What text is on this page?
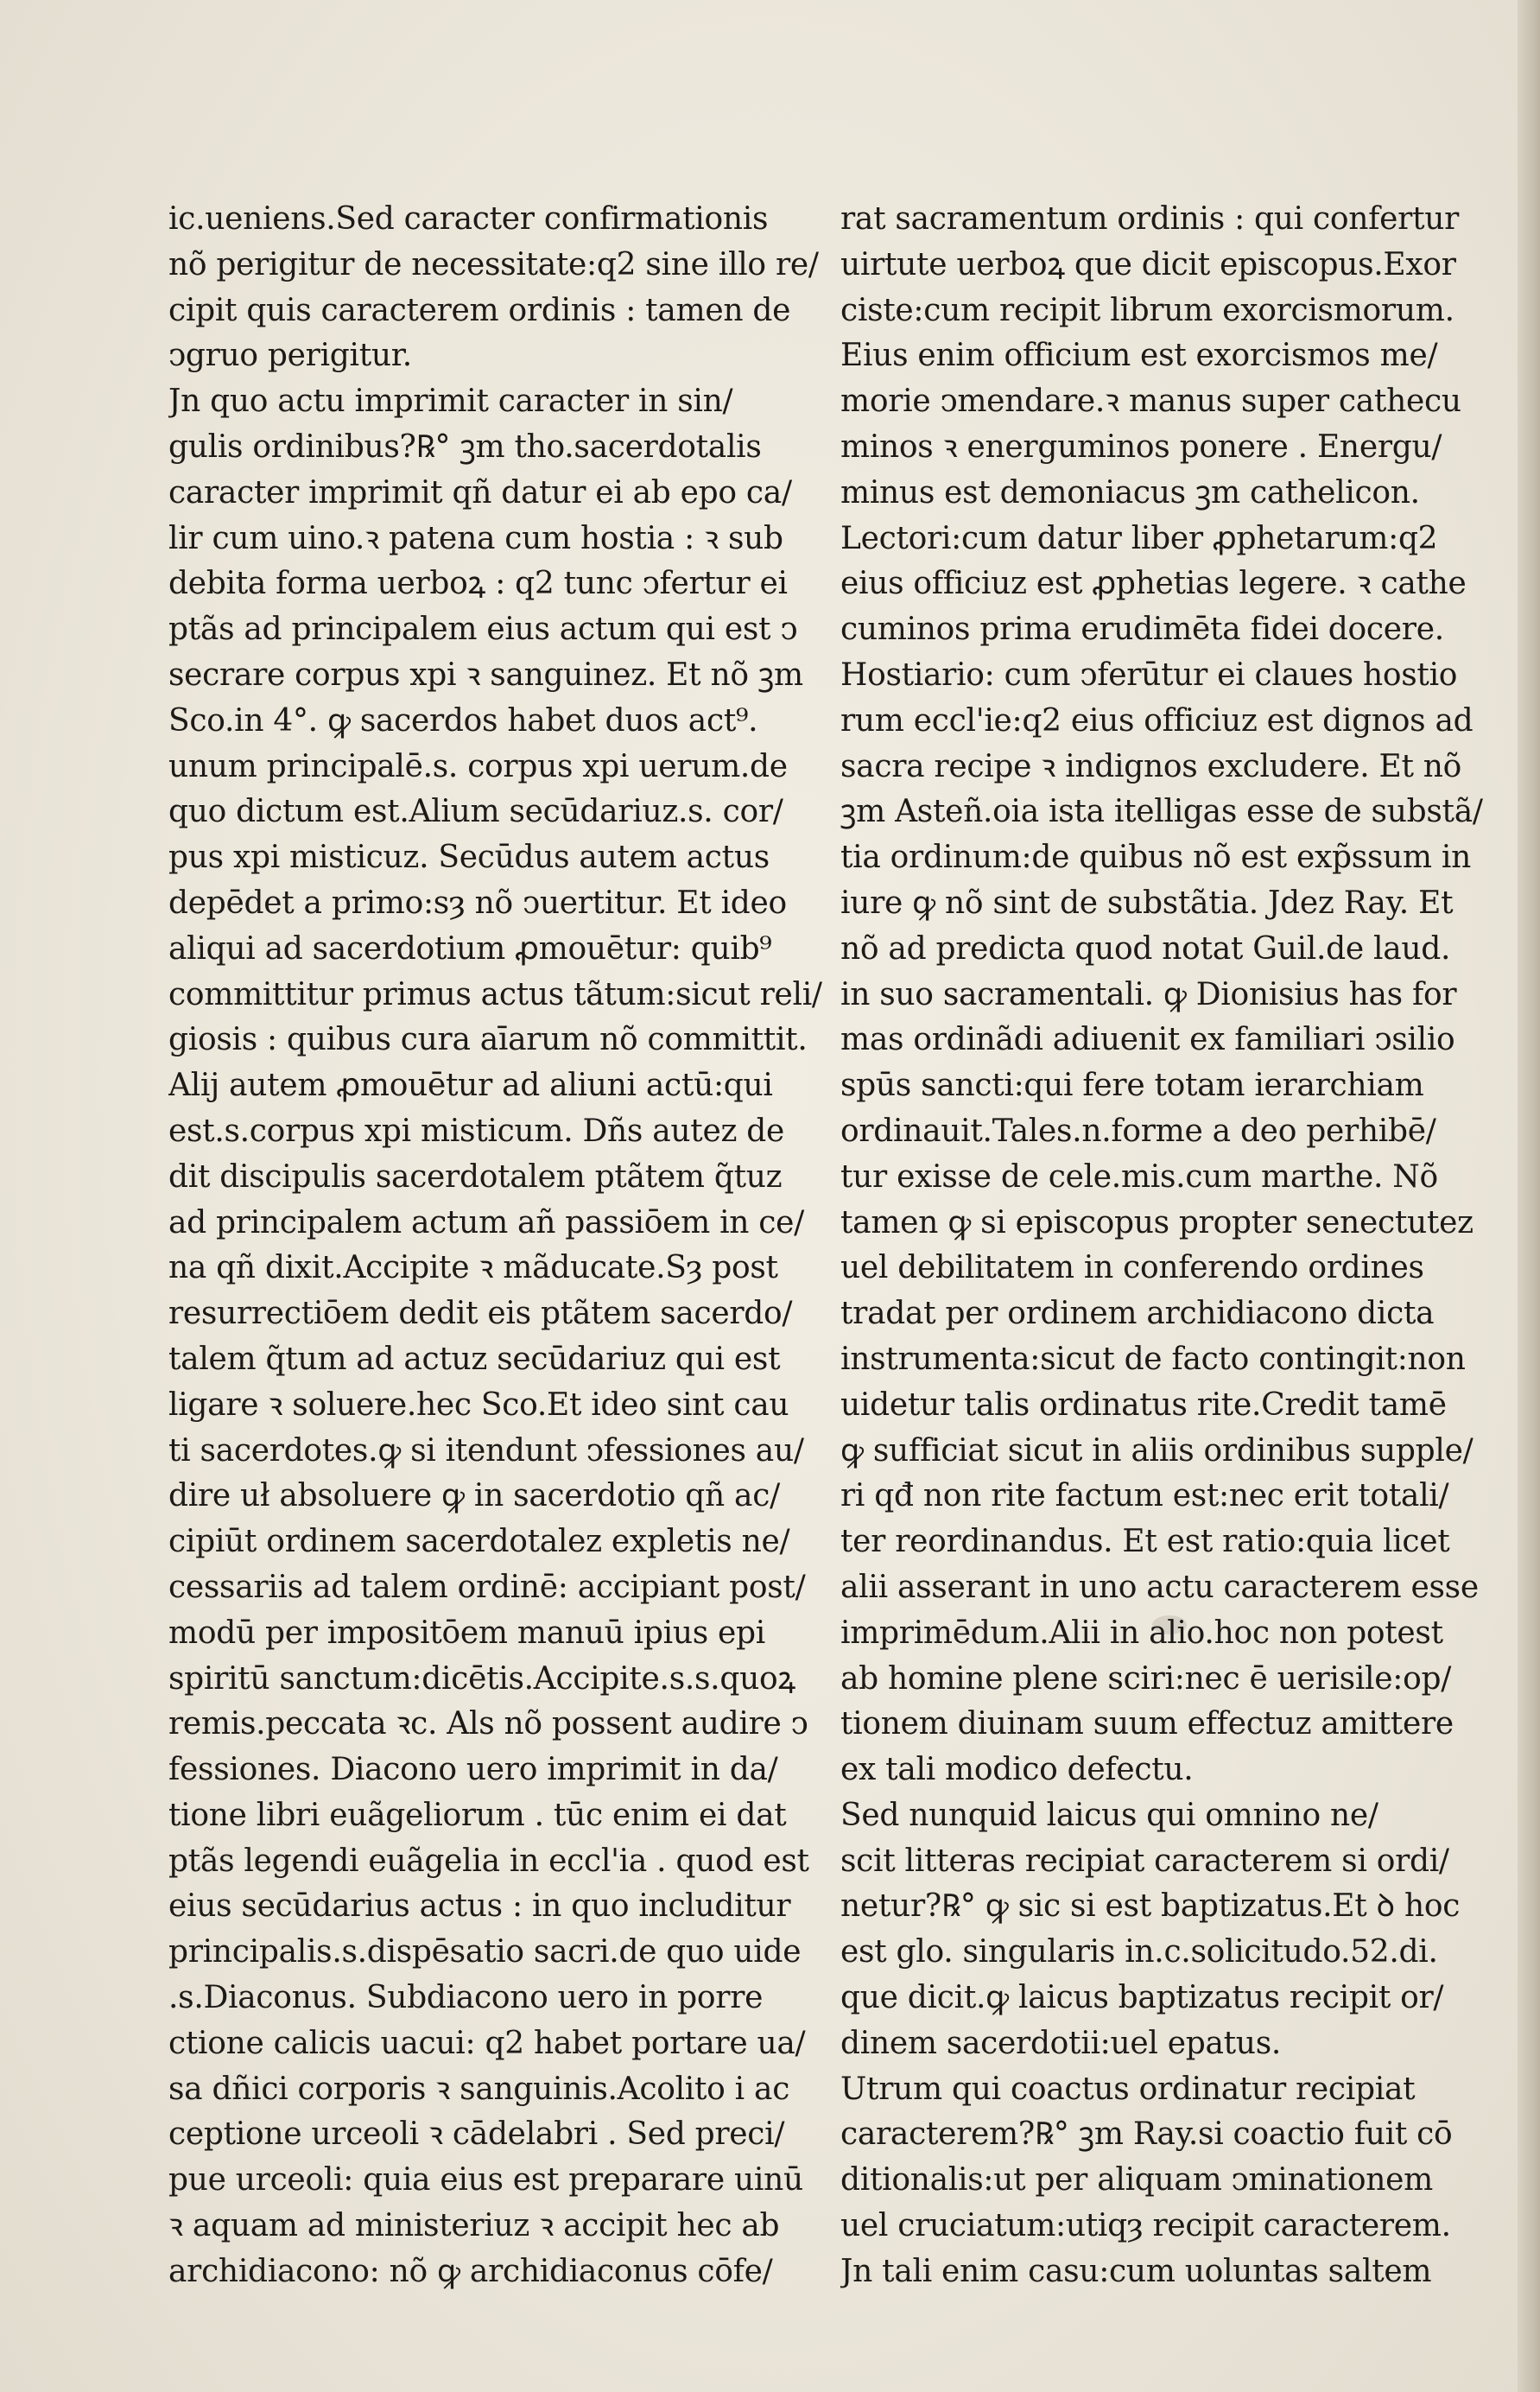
ic.ueniens.Sed caracter confirmationis
nõ perigitur de necessitate:q2 sine illo re/
cipit quis caracterem ordinis : tamen de
ↄgruo perigitur.
Jn quo actu imprimit caracter in sin/
gulis ordinibus?℞° ꝫm tho.sacerdotalis
caracter imprimit qñ datur ei ab epo ca/
lir cum uino.ꝛ patena cum hostia : ꝛ sub
debita forma uerboꝝ : q2 tunc ↄfertur ei
ptãs ad principalem eius actum qui est ↄ
secrare corpus xpi ꝛ sanguinez. Et nõ ꝫm
Sco.in 4°. ꝙ sacerdos habet duos act⁹.
unum principalē.s. corpus xpi uerum.de
quo dictum est.Alium secūdariuz.s. cor/
pus xpi misticuz. Secūdus autem actus
depēdet a primo:sȝ nõ ↄuertitur. Et ideo
aliqui ad sacerdotium ꝓmouētur: quib⁹
committitur primus actus tãtum:sicut reli/
giosis : quibus cura aīarum nõ committit.
Alij autem ꝓmouētur ad aliuni actū:qui
est.s.corpus xpi misticum. Dñs autez de
dit discipulis sacerdotalem ptãtem q̃tuz
ad principalem actum añ passiōem in ce/
na qñ dixit.Accipite ꝛ mãducate.Sȝ post
resurrectiōem dedit eis ptãtem sacerdo/
talem q̃tum ad actuz secūdariuz qui est
ligare ꝛ soluere.hec Sco.Et ideo sint cau
ti sacerdotes.ꝙ si itendunt ↄfessiones au/
dire uł absoluere ꝙ in sacerdotio qñ ac/
cipiūt ordinem sacerdotalez expletis ne/
cessariis ad talem ordinē: accipiant post/
modū per impositōem manuū ipius epi
spiritū sanctum:dicētis.Accipite.s.s.quoꝝ
remis.peccata ꝛc. Als nõ possent audire ↄ
fessiones. Diacono uero imprimit in da/
tione libri euãgeliorum . tūc enim ei dat
ptãs legendi euãgelia in eccl'ia . quod est
eius secūdarius actus : in quo includitur
principalis.s.dispēsatio sacri.de quo uide
.s.Diaconus. Subdiacono uero in porre
ctione calicis uacui: q2 habet portare ua/
sa dñici corporis ꝛ sanguinis.Acolito i ac
ceptione urceoli ꝛ cādelabri . Sed preci/
pue urceoli: quia eius est preparare uinū
ꝛ aquam ad ministeriuz ꝛ accipit hec ab
archidiacono: nõ ꝙ archidiaconus cōfe/
rat sacramentum ordinis : qui confertur
uirtute uerboꝝ que dicit episcopus.Exor
ciste:cum recipit librum exorcismorum.
Eius enim officium est exorcismos me/
morie ↄmendare.ꝛ manus super cathecu
minos ꝛ energuminos ponere . Energu/
minus est demoniacus ꝫm cathelicon.
Lectori:cum datur liber ꝓphetarum:q2
eius officiuz est ꝓphetias legere. ꝛ cathe
cuminos prima erudimēta fidei docere.
Hostiario: cum ↄferūtur ei claues hostio
rum eccl'ie:q2 eius officiuz est dignos ad
sacra recipe ꝛ indignos excludere. Et nõ
ꝫm Asteñ.oia ista itelligas esse de substã/
tia ordinum:de quibus nõ est exp̃ssum in
iure ꝙ nõ sint de substãtia. Jdez Ray. Et
nõ ad predicta quod notat Guil.de laud.
in suo sacramentali. ꝙ Dionisius has for
mas ordinãdi adiuenit ex familiari ↄsilio
spūs sancti:qui fere totam ierarchiam
ordinauit.Tales.n.forme a deo perhibē/
tur exisse de cele.mis.cum marthe. Nõ
tamen ꝙ si episcopus propter senectutez
uel debilitatem in conferendo ordines
tradat per ordinem archidiacono dicta
instrumenta:sicut de facto contingit:non
uidetur talis ordinatus rite.Credit tamē
ꝙ sufficiat sicut in aliis ordinibus supple/
ri qđ non rite factum est:nec erit totali/
ter reordinandus. Et est ratio:quia licet
alii asserant in uno actu caracterem esse
imprimēdum.Alii in alio.hoc non potest
ab homine plene sciri:nec ē uerisile:op/
tionem diuinam suum effectuz amittere
ex tali modico defectu.
Sed nunquid laicus qui omnino ne/
scit litteras recipiat caracterem si ordi/
netur?℞° ꝙ sic si est baptizatus.Et ꝺ hoc
est glo. singularis in.c.solicitudo.52.di.
que dicit.ꝙ laicus baptizatus recipit or/
dinem sacerdotii:uel epatus.
Utrum qui coactus ordinatur recipiat
caracterem?℞° ꝫm Ray.si coactio fuit cō
ditionalis:ut per aliquam ↄminationem
uel cruciatum:utiqȝ recipit caracterem.
Jn tali enim casu:cum uoluntas saltem
